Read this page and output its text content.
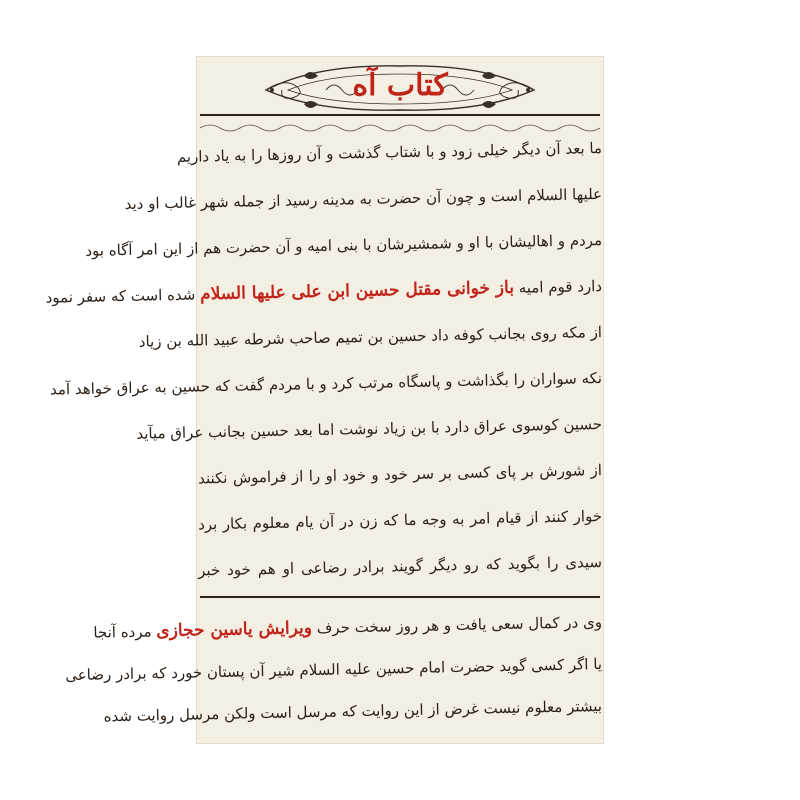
کتاب آه
ما بعد آن دیگر خیلی زود و با شتاب گذشت و آن روزها را به یاد داریم
علیها السلام است و چون آن حضرت به مدینه رسید از جمله شهر غالب او دید
مردم و اهالیشان با او و شمشیرشان با بنی امیه و آن حضرت هم از این امر آگاه بود
دارد قوم امیه باز خوانی مقتل حسین ابن علی علیها السلام شده است که سفر نمود
از مکه روی بجانب کوفه داد حسین بن تمیم صاحب شرطه عبید الله بن زیاد
نکه سواران را بگذاشت و پاسگاه مرتب کرد و با مردم گفت که حسین به عراق خواهد آمد
حسین کوسوی عراق دارد با بن زیاد نوشت اما بعد حسین بجانب عراق میآید
از شورش بر پای کسی بر سر خود و خود او را از فراموش نکنند
خوار کنند از قیام امر به وجه ما که زن در آن یام معلوم بکار برد
سیدی را بگوید که رو دیگر گویند برادر رضاعی او هم خود خبر
وی در کمال سعی یافت و هر روز سخت حرف ویرایش یاسین حجازی مرده آنجا
یا اگر کسی گوید حضرت امام حسین علیه السلام شیر آن پستان خورد که برادر رضاعی
بیشتر معلوم نیست غرض از این روایت که مرسل است ولکن مرسل روایت شده
